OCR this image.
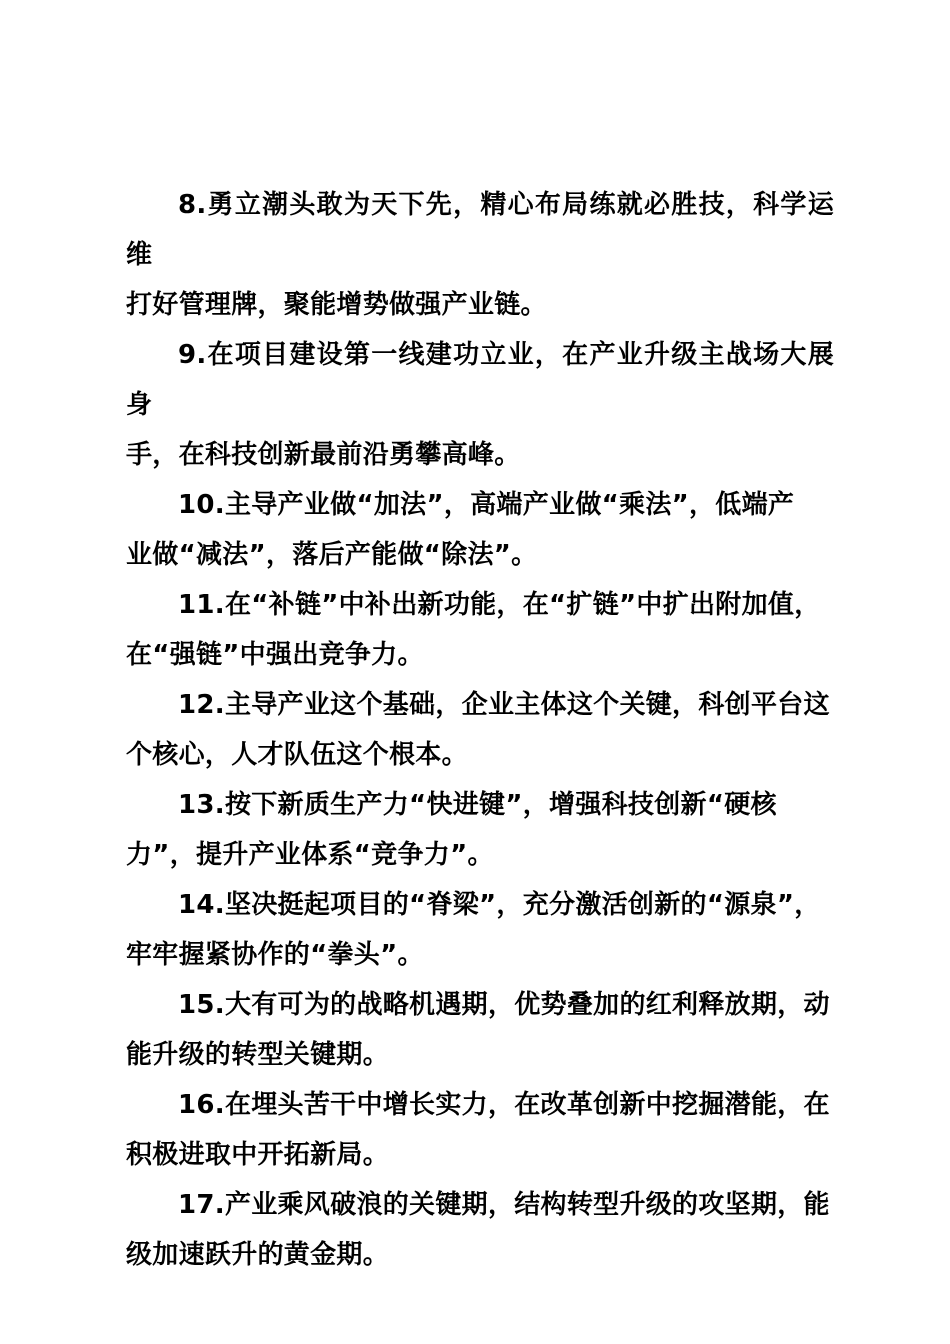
8.勇立潮头敢为天下先，精心布局练就必胜技，科学运维
打好管理牌，聚能增势做强产业链。

9.在项目建设第一线建功立业，在产业升级主战场大展身
手，在科技创新最前沿勇攀高峰。

10.主导产业做“加法”，高端产业做“乘法”，低端产
业做“减法”，落后产能做“除法”。

11.在“补链”中补出新功能，在“扩链”中扩出附加值，
在“强链”中强出竞争力。

12.主导产业这个基础，企业主体这个关键，科创平台这
个核心，人才队伍这个根本。

13.按下新质生产力“快进键”，增强科技创新“硬核
力”，提升产业体系“竞争力”。

14.坚决挺起项目的“脊梁”，充分激活创新的“源泉”，
牢牢握紧协作的“拳头”。

15.大有可为的战略机遇期，优势叠加的红利释放期，动
能升级的转型关键期。

16.在埋头苦干中增长实力，在改革创新中挖掘潜能，在
积极进取中开拓新局。

17.产业乘风破浪的关键期，结构转型升级的攻坚期，能
级加速跃升的黄金期。
